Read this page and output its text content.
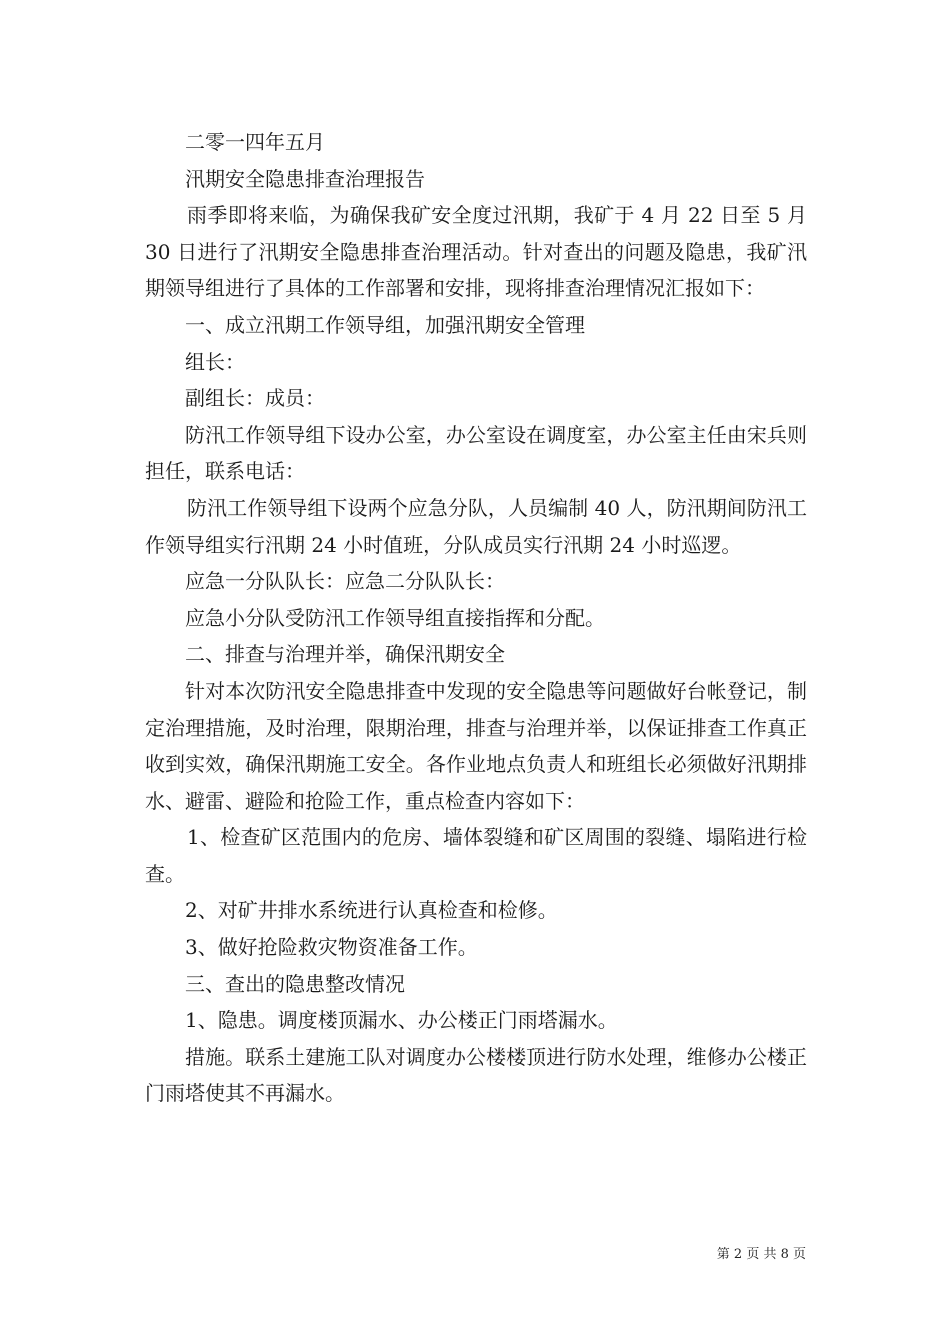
二零一四年五月

汛期安全隐患排查治理报告

雨季即将来临，为确保我矿安全度过汛期，我矿于 4 月 22 日至 5 月 30 日进行了汛期安全隐患排查治理活动。针对查出的问题及隐患，我矿汛期领导组进行了具体的工作部署和安排，现将排查治理情况汇报如下：

一、成立汛期工作领导组，加强汛期安全管理

组长：

副组长：成员：

防汛工作领导组下设办公室，办公室设在调度室，办公室主任由宋兵则担任，联系电话：

防汛工作领导组下设两个应急分队，人员编制 40 人，防汛期间防汛工作领导组实行汛期 24 小时值班，分队成员实行汛期 24 小时巡逻。

应急一分队队长：应急二分队队长：

应急小分队受防汛工作领导组直接指挥和分配。

二、排查与治理并举，确保汛期安全

针对本次防汛安全隐患排查中发现的安全隐患等问题做好台帐登记，制定治理措施，及时治理，限期治理，排查与治理并举，以保证排查工作真正收到实效，确保汛期施工安全。各作业地点负责人和班组长必须做好汛期排水、避雷、避险和抢险工作，重点检查内容如下：

1、检查矿区范围内的危房、墙体裂缝和矿区周围的裂缝、塌陷进行检查。

2、对矿井排水系统进行认真检查和检修。

3、做好抢险救灾物资准备工作。

三、查出的隐患整改情况

1、隐患。调度楼顶漏水、办公楼正门雨塔漏水。

措施。联系土建施工队对调度办公楼楼顶进行防水处理，维修办公楼正门雨塔使其不再漏水。

第 2 页 共 8 页
